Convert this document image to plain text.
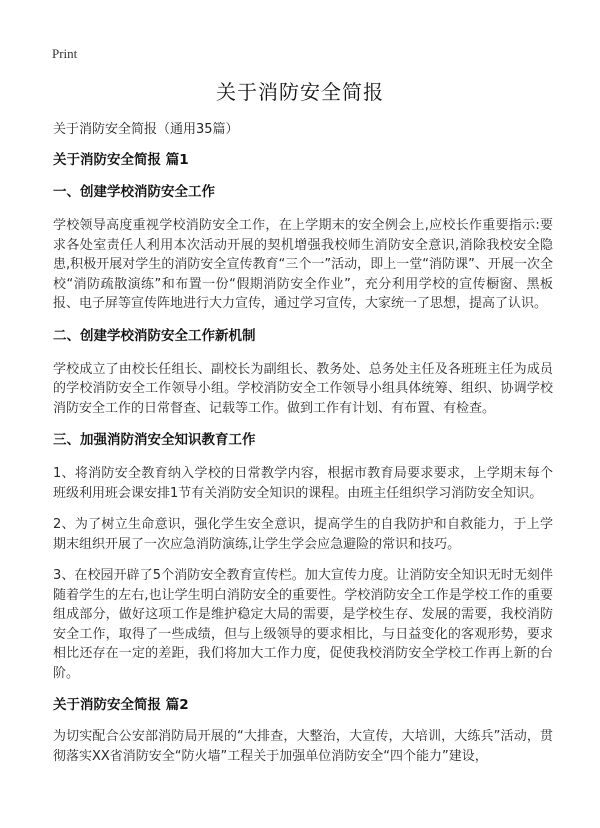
Print
关于消防安全简报

关于消防安全简报（通用35篇）

关于消防安全简报 篇1
一、创建学校消防安全工作

学校领导高度重视学校消防安全工作，在上学期末的安全例会上,应校长作重要指示:要求各处室责任人利用本次活动开展的契机增强我校师生消防安全意识,消除我校安全隐患,积极开展对学生的消防安全宣传教育“三个一”活动，即上一堂“消防课”、开展一次全校“消防疏散演练”和布置一份“假期消防安全作业”，充分利用学校的宣传橱窗、黑板报、电子屏等宣传阵地进行大力宣传，通过学习宣传，大家统一了思想，提高了认识。

二、创建学校消防安全工作新机制

学校成立了由校长任组长、副校长为副组长、教务处、总务处主任及各班班主任为成员的学校消防安全工作领导小组。学校消防安全工作领导小组具体统筹、组织、协调学校消防安全工作的日常督查、记载等工作。做到工作有计划、有布置、有检查。

三、加强消防消安全知识教育工作

1、将消防安全教育纳入学校的日常教学内容，根据市教育局要求要求，上学期末每个班级利用班会课安排1节有关消防安全知识的课程。由班主任组织学习消防安全知识。

2、为了树立生命意识，强化学生安全意识，提高学生的自我防护和自救能力，于上学期末组织开展了一次应急消防演练,让学生学会应急避险的常识和技巧。

3、在校园开辟了5个消防安全教育宣传栏。加大宣传力度。让消防安全知识无时无刻伴随着学生的左右,也让学生明白消防安全的重要性。学校消防安全工作是学校工作的重要组成部分，做好这项工作是维护稳定大局的需要，是学校生存、发展的需要，我校消防安全工作，取得了一些成绩，但与上级领导的要求相比，与日益变化的客观形势，要求相比还存在一定的差距，我们将加大工作力度，促使我校消防安全学校工作再上新的台阶。

关于消防安全简报 篇2

为切实配合公安部消防局开展的“大排查，大整治，大宣传，大培训，大练兵”活动，贯彻落实XX省消防安全“防火墙”工程关于加强单位消防安全“四个能力”建设，
